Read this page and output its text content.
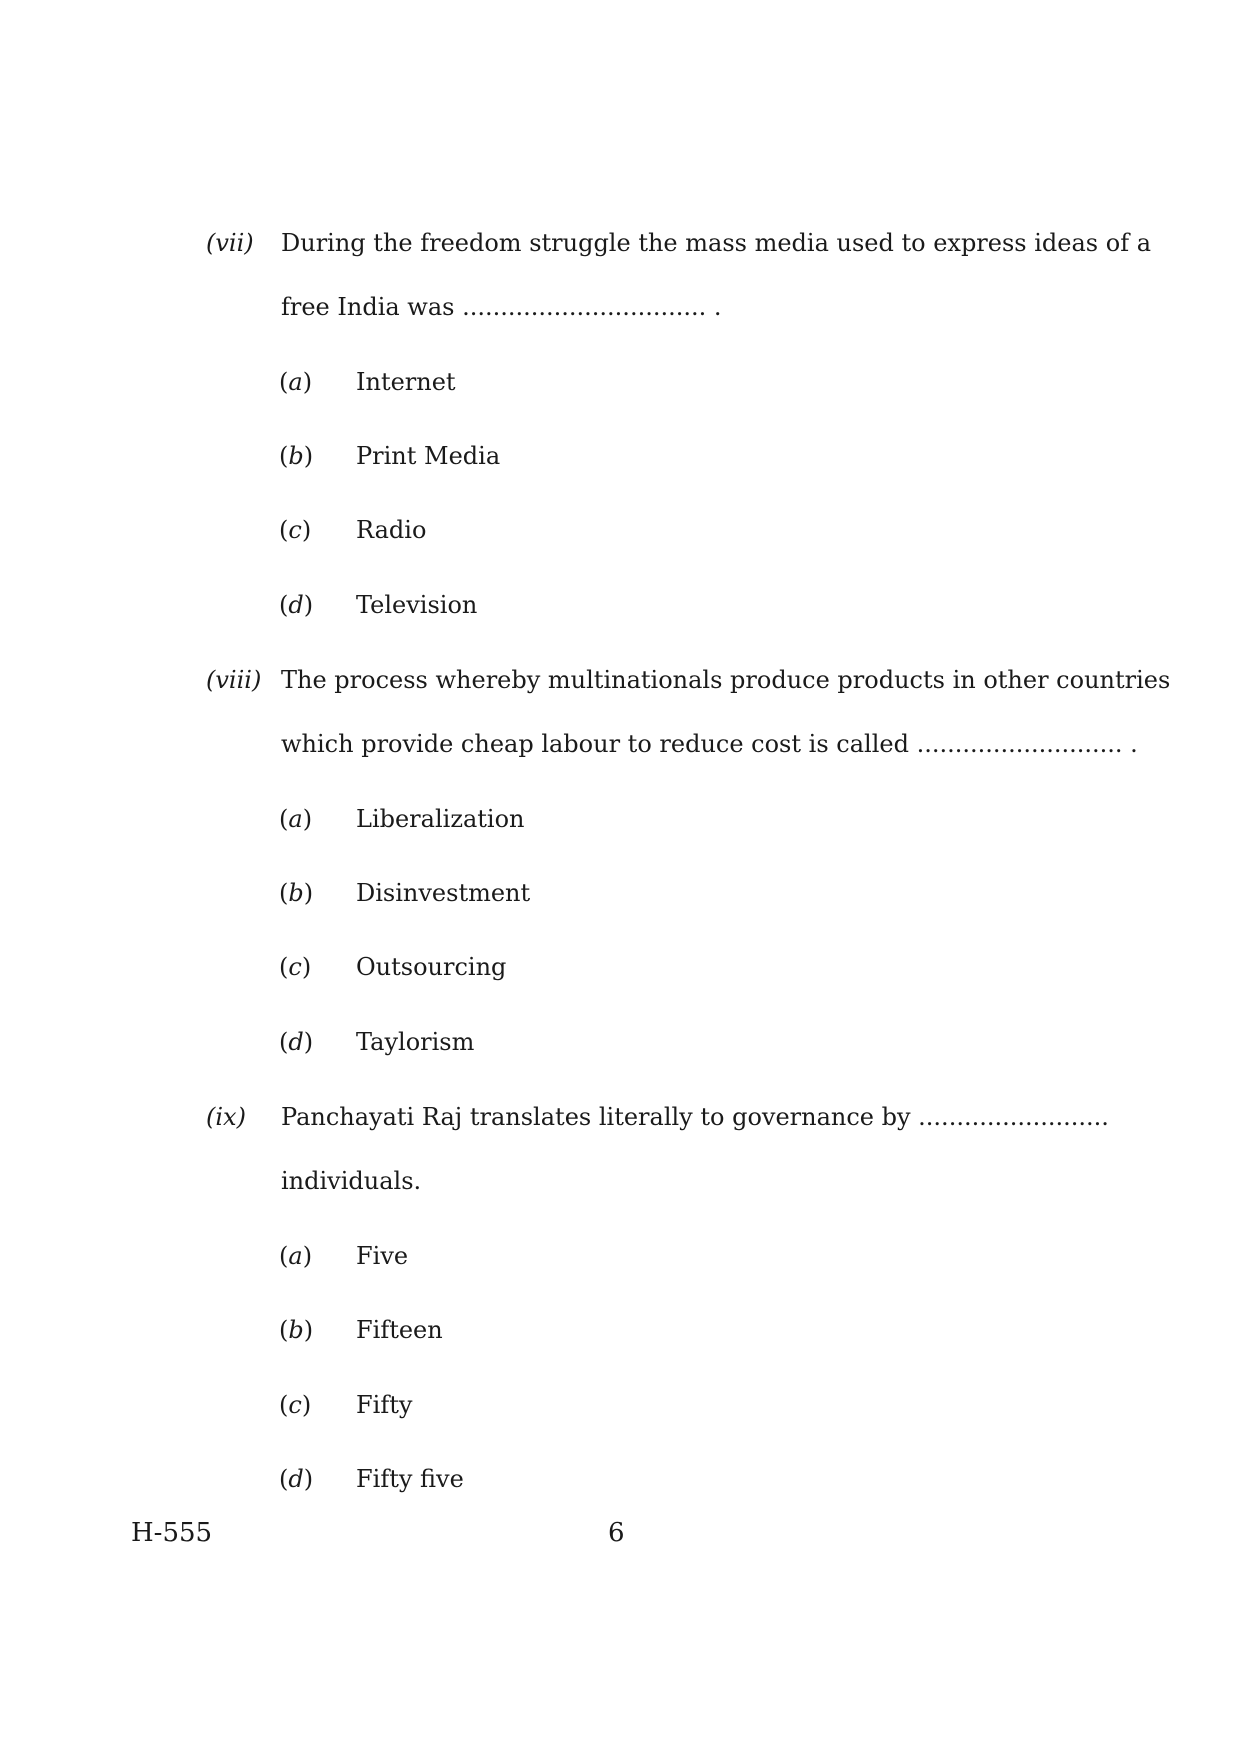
(vii) During the freedom struggle the mass media used to express ideas of a
free India was ................................ .
(a) Internet
(b) Print Media
(c) Radio
(d) Television
(viii) The process whereby multinationals produce products in other countries
which provide cheap labour to reduce cost is called ........................... .
(a) Liberalization
(b) Disinvestment
(c) Outsourcing
(d) Taylorism
(ix) Panchayati Raj translates literally to governance by .........................
individuals.
(a) Five
(b) Fifteen
(c) Fifty
(d) Fifty five
H-555	6
